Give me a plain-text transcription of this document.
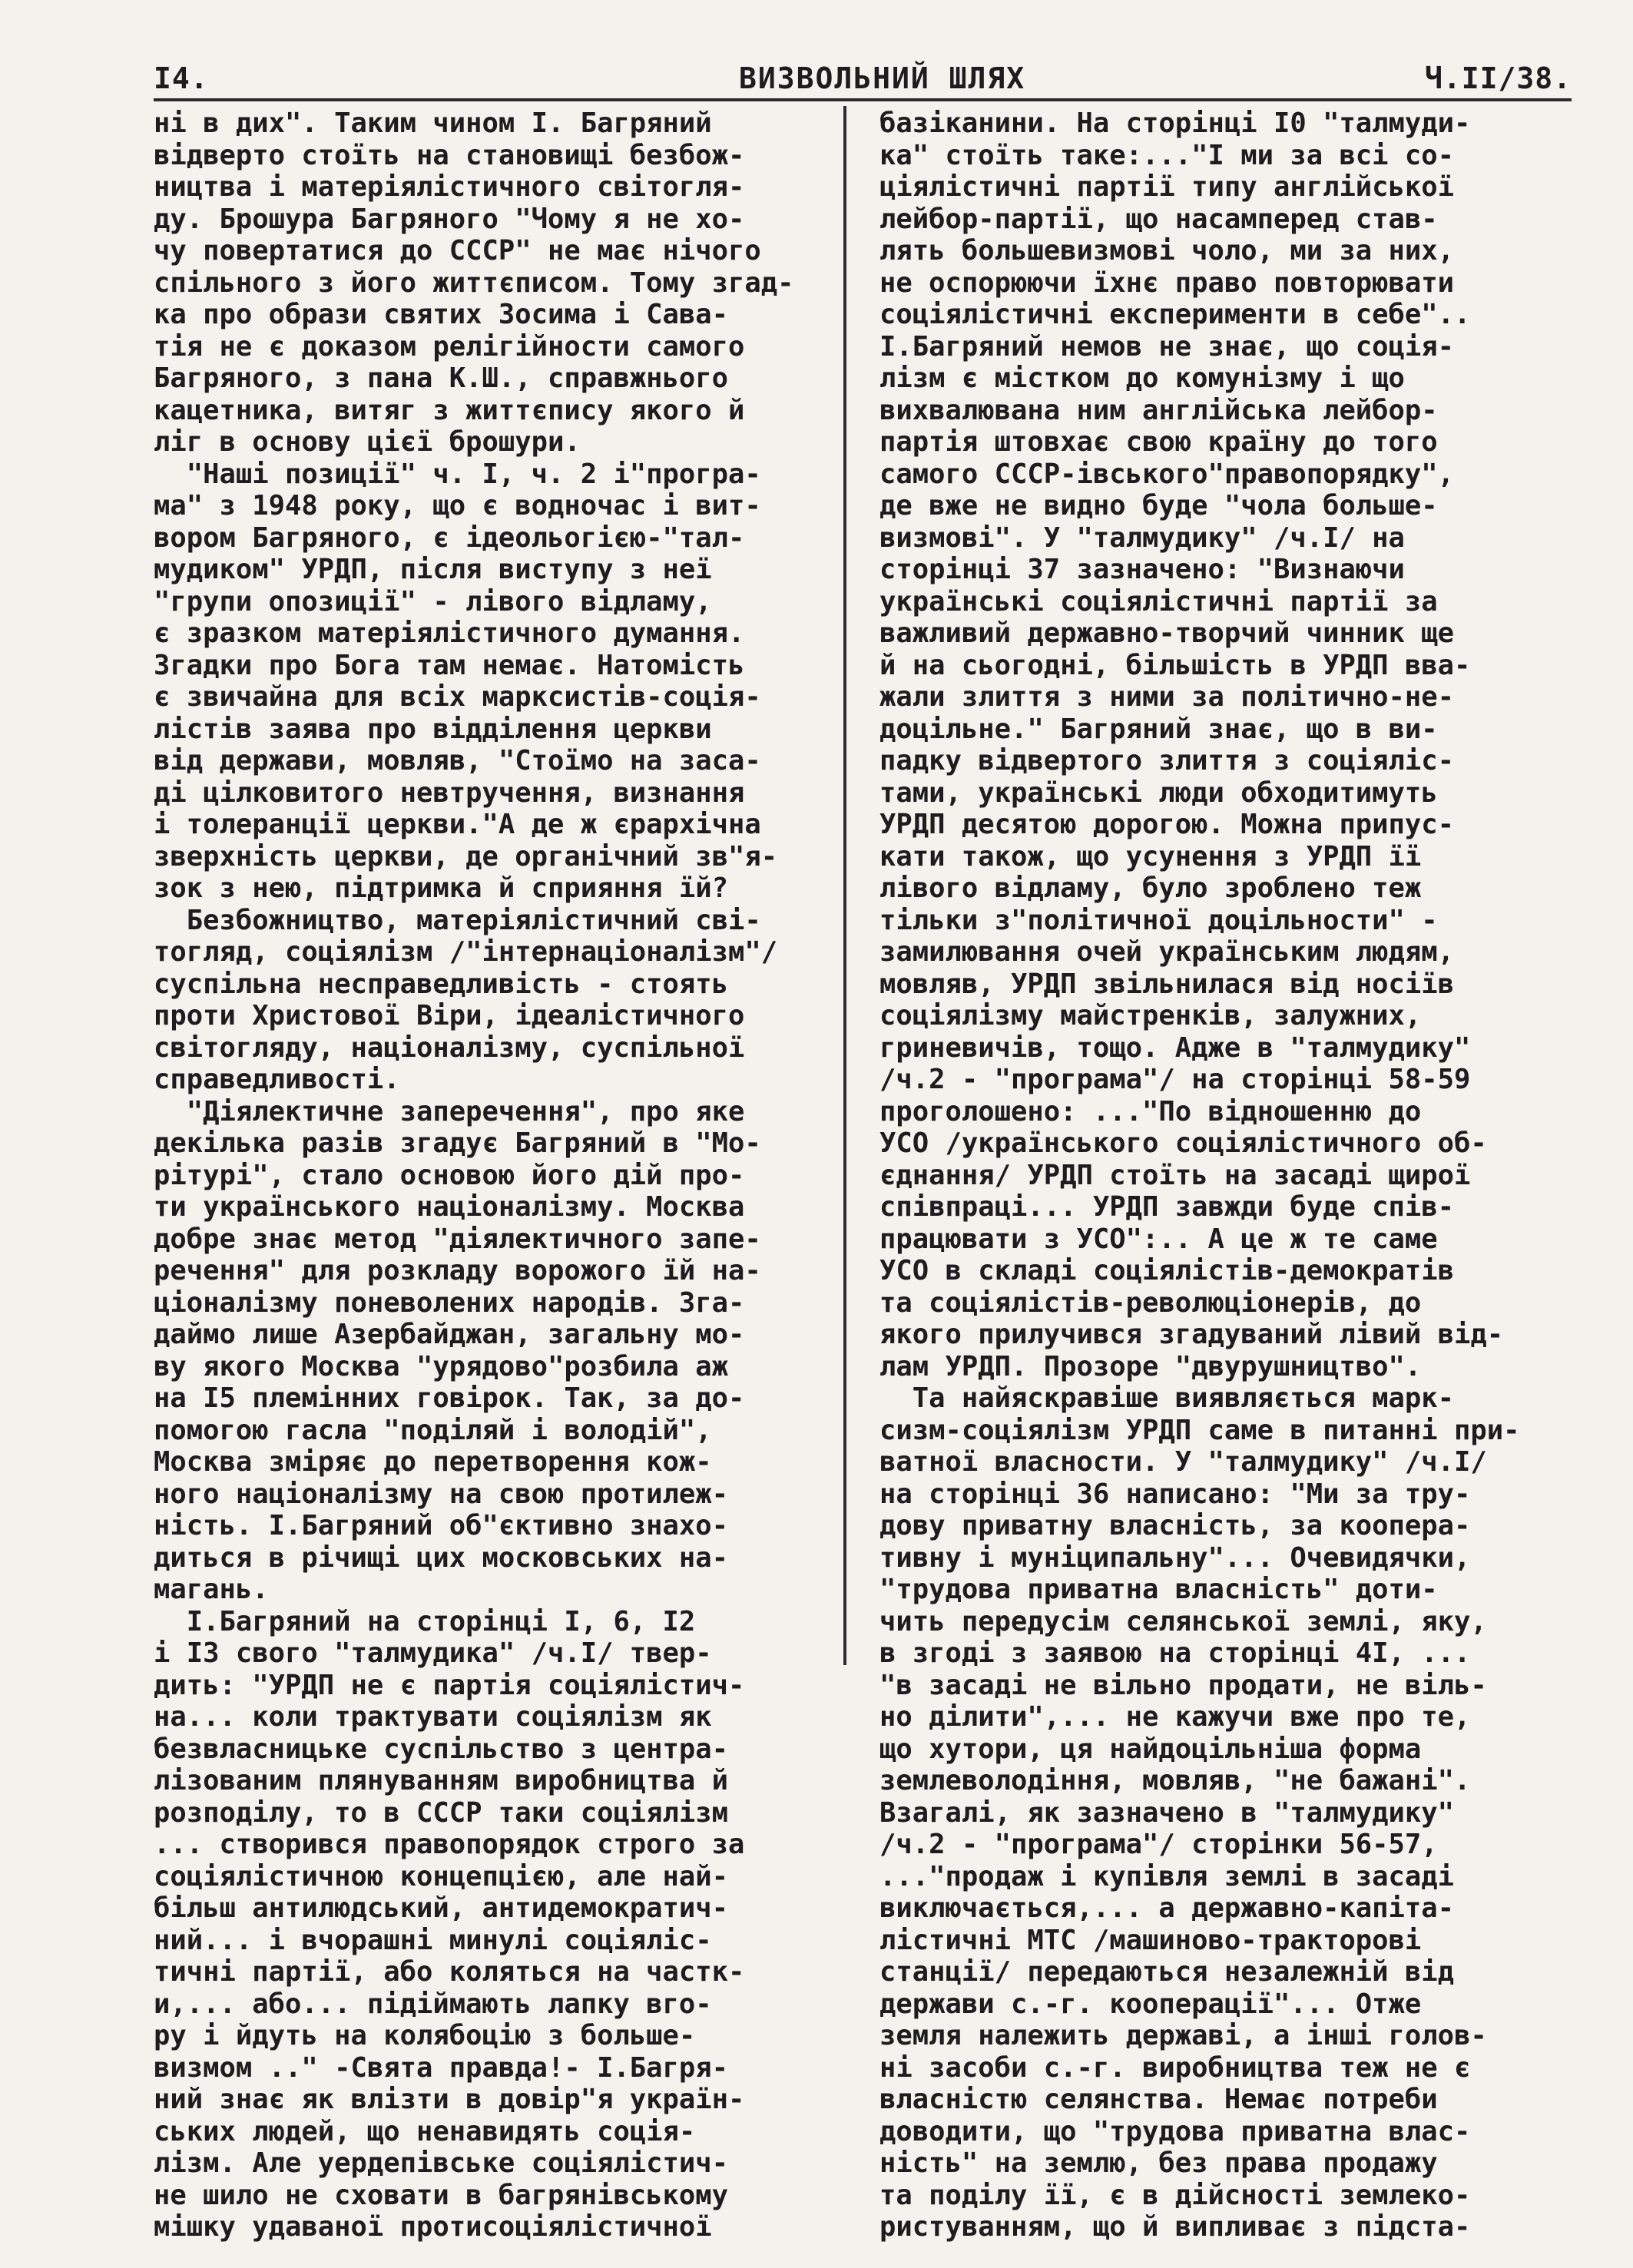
I4.	ВИЗВОЛЬНИЙ ШЛЯХ	Ч.II/38.
ні в дих". Таким чином І. Багряний
відверто стоїть на становищі безбож-
ництва і матеріялістичного світогля-
ду. Брошура Багряного "Чому я не хо-
чу повертатися до СССР" не має нічого
спільного з його життєписом. Тому згад-
ка про образи святих Зосима і Сава-
тія не є доказом релігійности самого
Багряного, з пана К.Ш., справжнього
кацетника, витяг з життєпису якого й
ліг в основу цієї брошури.
"Наші позиції" ч. І, ч. 2 і"програ-
ма" з 1948 року, що є водночас і вит-
вором Багряного, є ідеольогією-"тал-
мудиком" УРДП, після виступу з неї
"групи опозиції" - лівого відламу,
є зразком матеріялістичного думання.
Згадки про Бога там немає. Натомість
є звичайна для всіх марксистів-соція-
лістів заява про відділення церкви
від держави, мовляв, "Стоїмо на заса-
ді цілковитого невтручення, визнання
і толеранції церкви."А де ж єрархічна
зверхність церкви, де органічний зв"я-
зок з нею, підтримка й сприяння їй?
Безбожництво, матеріялістичний сві-
тогляд, соціялізм /"інтернаціоналізм"/
суспільна несправедливість - стоять
проти Христової Віри, ідеалістичного
світогляду, націоналізму, суспільної
справедливості.
"Діялектичне заперечення", про яке
декілька разів згадує Багряний в "Мо-
рітурі", стало основою його дій про-
ти українського націоналізму. Москва
добре знає метод "діялектичного запе-
речення" для розкладу ворожого їй на-
ціоналізму поневолених народів. Зга-
даймо лише Азербайджан, загальну мо-
ву якого Москва "урядово"розбила аж
на І5 племінних говірок. Так, за до-
помогою гасла "поділяй і володій",
Москва зміряє до перетворення кож-
ного націоналізму на свою протилеж-
ність. І.Багряний об"єктивно знахо-
диться в річищі цих московських на-
магань.
І.Багряний на сторінці І, 6, І2
і ІЗ свого "талмудика" /ч.І/ твер-
дить: "УРДП не є партія соціялістич-
на... коли трактувати соціялізм як
безвласницьке суспільство з центра-
лізованим плянуванням виробництва й
розподілу, то в СССР таки соціялізм
... створився правопорядок строго за
соціялістичною концепцією, але най-
більш антилюдський, антидемократич-
ний... і вчорашні минулі соціяліс-
тичні партії, або коляться на частк-
и,... або... підіймають лапку вго-
ру і йдуть на колябоцію з больше-
визмом .." -Свята правда!- І.Багря-
ний знає як влізти в довір"я україн-
ських людей, що ненавидять соція-
лізм. Але уердепівське соціялістич-
не шило не сховати в багрянівському
мішку удаваної протисоціялістичної
базіканини. На сторінці І0 "талмуди-
ка" стоїть таке:..."І ми за всі со-
ціялістичні партії типу англійської
лейбор-партії, що насамперед став-
лять большевизмові чоло, ми за них,
не оспорюючи їхнє право повторювати
соціялістичні експерименти в себе"..
І.Багряний немов не знає, що соція-
лізм є містком до комунізму і що
вихвалювана ним англійська лейбор-
партія штовхає свою країну до того
самого СССР-івського"правопорядку",
де вже не видно буде "чола больше-
визмові". У "талмудику" /ч.І/ на
сторінці 37 зазначено: "Визнаючи
українські соціялістичні партії за
важливий державно-творчий чинник ще
й на сьогодні, більшість в УРДП вва-
жали злиття з ними за політично-не-
доцільне." Багряний знає, що в ви-
падку відвертого злиття з соціяліс-
тами, українські люди обходитимуть
УРДП десятою дорогою. Можна припус-
кати також, що усунення з УРДП її
лівого відламу, було зроблено теж
тільки з"політичної доцільности" -
замилювання очей українським людям,
мовляв, УРДП звільнилася від носіїв
соціялізму майстренків, залужних,
гриневичів, тощо. Адже в "талмудику"
/ч.2 - "програма"/ на сторінці 58-59
проголошено: ..."По відношенню до
УСО /українського соціялістичного об-
єднання/ УРДП стоїть на засаді щирої
співпраці... УРДП завжди буде спів-
працювати з УСО":.. А це ж те саме
УСО в складі соціялістів-демократів
та соціялістів-революціонерів, до
якого прилучився згадуваний лівий від-
лам УРДП. Прозоре "двурушництво".
Та найяскравіше виявляється марк-
сизм-соціялізм УРДП саме в питанні при-
ватної власности. У "талмудику" /ч.І/
на сторінці 36 написано: "Ми за тру-
дову приватну власність, за коопера-
тивну і муніципальну"... Очевидячки,
"трудова приватна власність" доти-
чить передусім селянської землі, яку,
в згоді з заявою на сторінці 4І, ...
"в засаді не вільно продати, не віль-
но ділити",... не кажучи вже про те,
що хутори, ця найдоцільніша форма
землеволодіння, мовляв, "не бажані".
Взагалі, як зазначено в "талмудику"
/ч.2 - "програма"/ сторінки 56-57,
..."продаж і купівля землі в засаді
виключається,... а державно-капіта-
лістичні МТС /машиново-тракторові
станції/ передаються незалежній від
держави с.-г. кооперації"... Отже
земля належить державі, а інші голов-
ні засоби с.-г. виробництва теж не є
власністю селянства. Немає потреби
доводити, що "трудова приватна влас-
ність" на землю, без права продажу
та поділу її, є в дійсності землеко-
ристуванням, що й випливає з підста-
